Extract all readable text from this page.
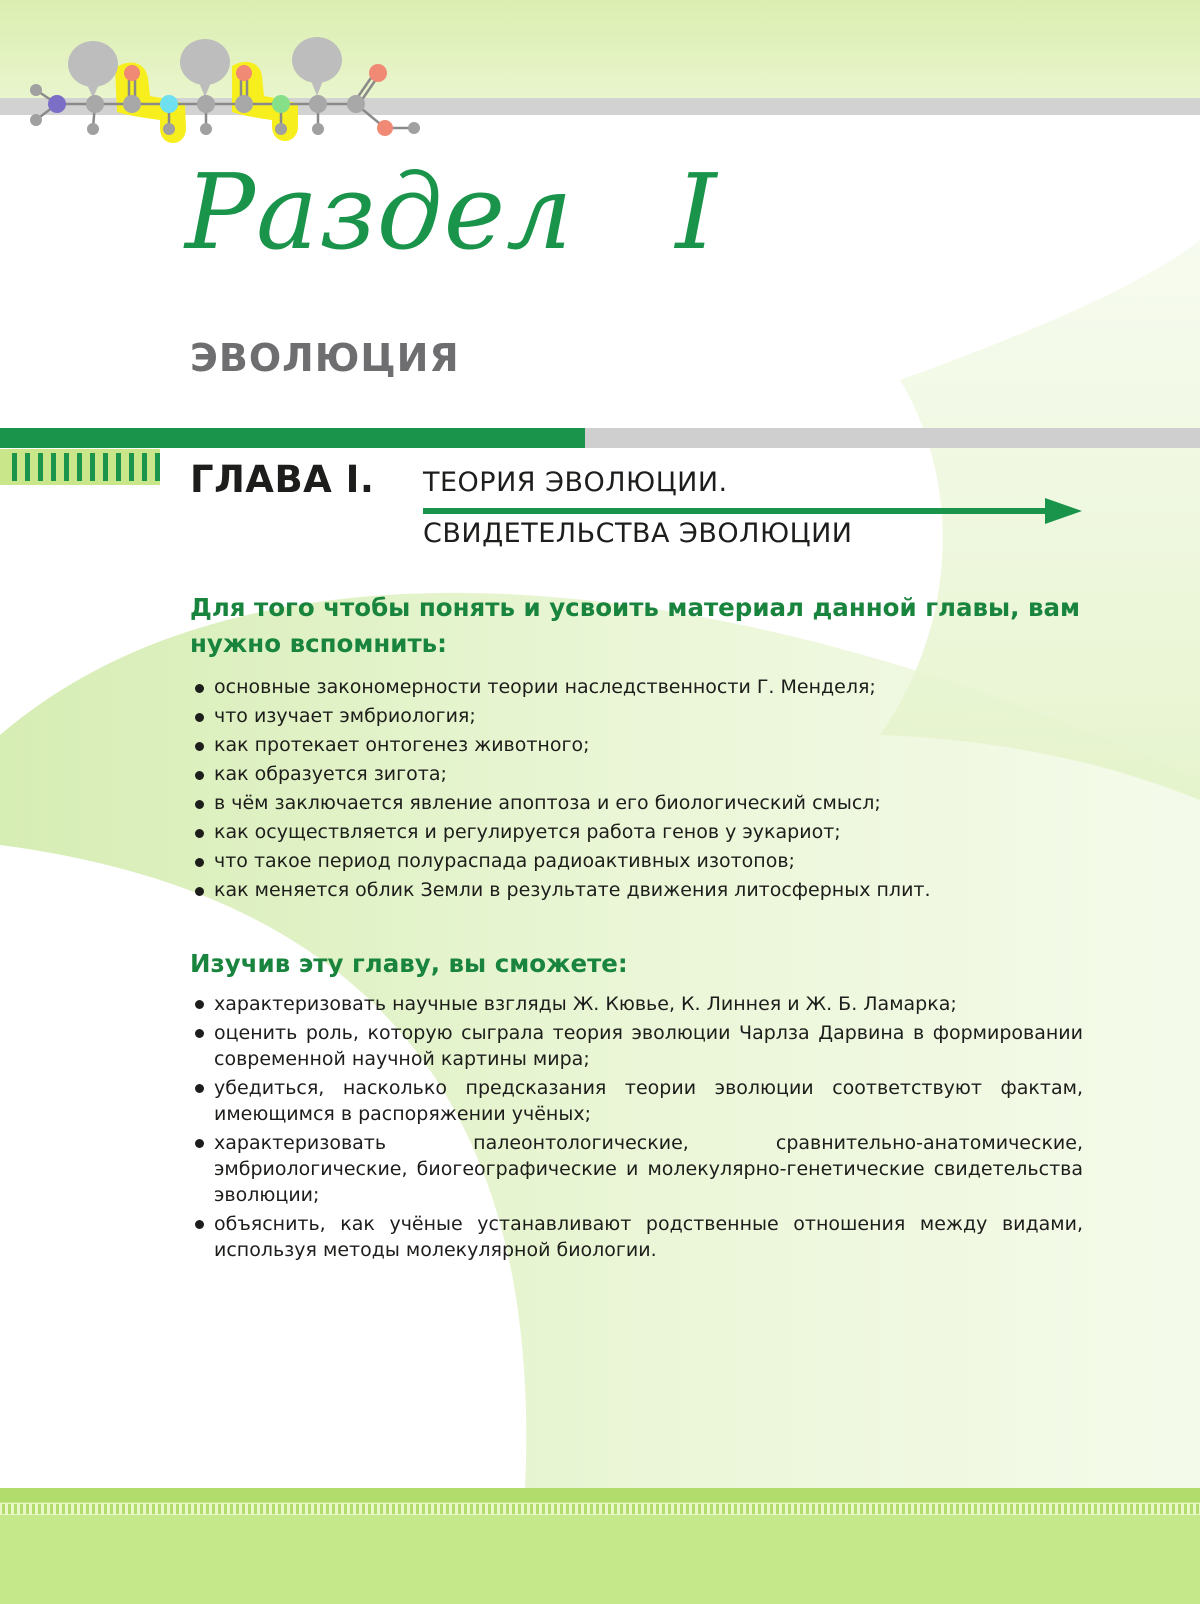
Раздел   I
ЭВОЛЮЦИЯ
ГЛАВА I. ТЕОРИЯ ЭВОЛЮЦИИ.
СВИДЕТЕЛЬСТВА ЭВОЛЮЦИИ
Для того чтобы понять и усвоить материал данной главы, вам нужно вспомнить:
основные закономерности теории наследственности Г. Менделя;
что изучает эмбриология;
как протекает онтогенез животного;
как образуется зигота;
в чём заключается явление апоптоза и его биологический смысл;
как осуществляется и регулируется работа генов у эукариот;
что такое период полураспада радиоактивных изотопов;
как меняется облик Земли в результате движения литосферных плит.
Изучив эту главу, вы сможете:
характеризовать научные взгляды Ж. Кювье, К. Линнея и Ж. Б. Ламарка;
оценить роль, которую сыграла теория эволюции Чарлза Дарвина в формировании современной научной картины мира;
убедиться, насколько предсказания теории эволюции соответствуют фактам, имеющимся в распоряжении учёных;
характеризовать палеонтологические, сравнительно-анатомические, эмбриологические, биогеографические и молекулярно-генетические свидетельства эволюции;
объяснить, как учёные устанавливают родственные отношения между видами, используя методы молекулярной биологии.
